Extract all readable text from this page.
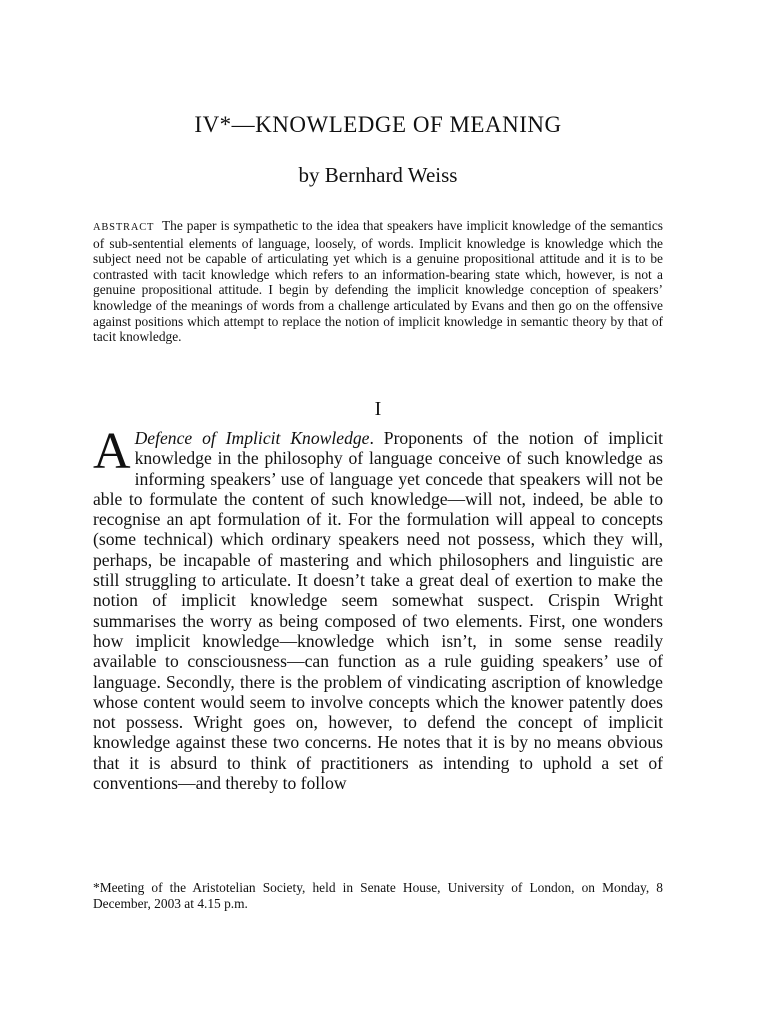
IV*—KNOWLEDGE OF MEANING
by Bernhard Weiss

ABSTRACT The paper is sympathetic to the idea that speakers have implicit knowledge of the semantics of sub-sentential elements of language, loosely, of words. Implicit knowledge is knowledge which the subject need not be capable of articulating yet which is a genuine propositional attitude and it is to be contrasted with tacit knowledge which refers to an information-bearing state which, however, is not a genuine propositional attitude. I begin by defending the implicit knowledge conception of speakers’ knowledge of the meanings of words from a challenge articulated by Evans and then go on the offensive against positions which attempt to replace the notion of implicit knowledge in semantic theory by that of tacit knowledge.

I

A Defence of Implicit Knowledge. Proponents of the notion of implicit knowledge in the philosophy of language conceive of such knowledge as informing speakers’ use of language yet concede that speakers will not be able to formulate the content of such knowledge—will not, indeed, be able to recognise an apt formulation of it. For the formulation will appeal to concepts (some technical) which ordinary speakers need not possess, which they will, perhaps, be incapable of mastering and which philosophers and linguistic are still struggling to articulate. It doesn’t take a great deal of exertion to make the notion of implicit knowledge seem somewhat suspect. Crispin Wright summarises the worry as being composed of two elements. First, one wonders how implicit knowledge—knowledge which isn’t, in some sense readily available to consciousness—can function as a rule guiding speakers’ use of language. Secondly, there is the problem of vindicating ascription of knowledge whose content would seem to involve concepts which the knower patently does not possess. Wright goes on, however, to defend the concept of implicit knowledge against these two concerns. He notes that it is by no means obvious that it is absurd to think of practitioners as intending to uphold a set of conventions—and thereby to follow

*Meeting of the Aristotelian Society, held in Senate House, University of London, on Monday, 8 December, 2003 at 4.15 p.m.
